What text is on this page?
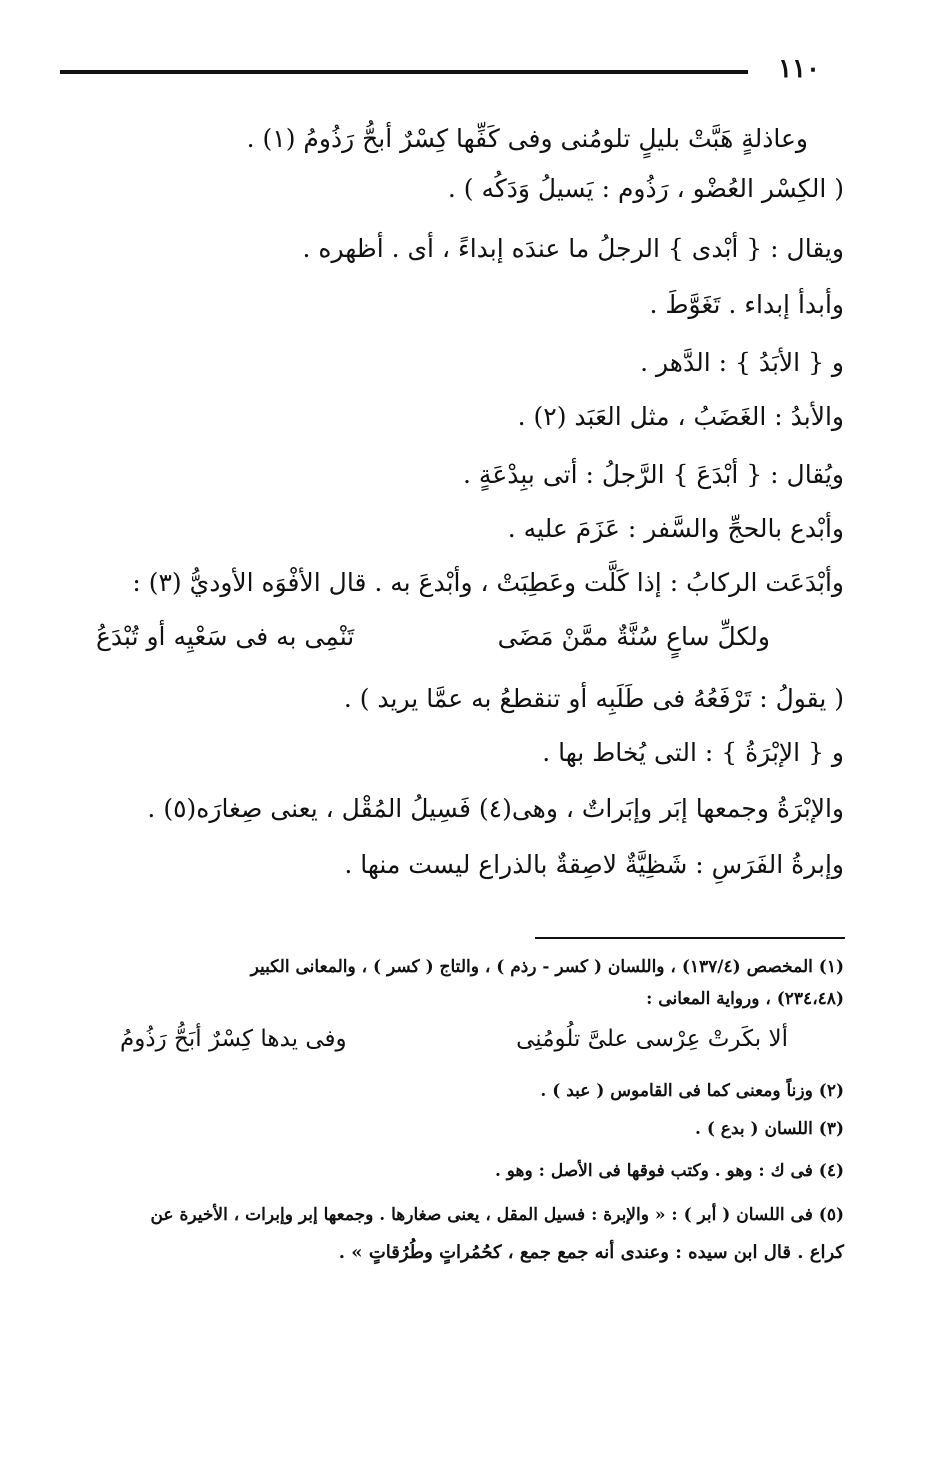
١١٠
وعاذلةٍ هَبَّتْ بليلٍ تلومُنى وفى كَفِّها كِسْرٌ أبحُّ رَذُومُ (١) .
( الكِسْر العُضْو ، رَذُوم : يَسيلُ وَدَكُه ) .
ويقال : { أبْدى } الرجلُ ما عندَه إبداءً ، أى . أظهره .
وأبدأ إبداء . تَغَوَّطَ .
و { الأبَدُ } : الدَّهر .
والأبدُ : الغَضَبُ ، مثل العَبَد (٢) .
ويُقال : { أبْدَعَ } الرَّجلُ : أتى ببِدْعَةٍ .
وأبْدع بالحجِّ والسَّفر : عَزَمَ عليه .
وأبْدَعَت الركابُ : إذا كَلَّت وعَطِبَتْ ، وأبْدعَ به . قال الأفْوَه الأوديُّ (٣) :
ولكلِّ ساعٍ سُنَّةٌ ممَّنْ مَضَى
تَنْمِى به فى سَعْيِه أو تُبْدَعُ
( يقولُ : تَرْفَعُهُ فى طَلَبِه أو تنقطعُ به عمَّا يريد ) .
و { الإبْرَةُ } : التى يُخاط بها .
والإبْرَةُ وجمعها إبَر وإبَراتٌ ، وهى(٤) فَسِيلُ المُقْل ، يعنى صِغارَه(٥) .
وإبرةُ الفَرَسِ : شَظِيَّةٌ لاصِقةٌ بالذراع ليست منها .
(١) المخصص (١٣٧/٤) ، واللسان ( كسر - رذم ) ، والتاج ( كسر ) ، والمعانى الكبير
(٢٣٤،٤٨) ، ورواية المعانى :
ألا بكَرتْ عِرْسى علىَّ تلُومُنِى
وفى يدها كِسْرٌ أبَحُّ رَذُومُ
(٢) وزناً ومعنى كما فى القاموس ( عبد ) .
(٣) اللسان ( بدع ) .
(٤) فى ك : وهو . وكتب فوقها فى الأصل : وهو .
(٥) فى اللسان ( أبر ) : « والإبرة : فسيل المقل ، يعنى صغارها . وجمعها إبر وإبرات ، الأخيرة عن
كراع . قال ابن سيده : وعندى أنه جمع جمع ، كحُمُراتٍ وطُرُقاتٍ » .
